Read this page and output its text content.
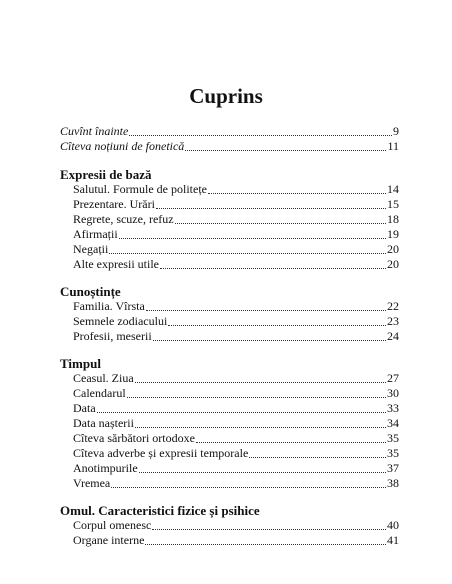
Cuprins
Cuvînt înainte	9
Cîteva noțiuni de fonetică	11
Expresii de bază
Salutul. Formule de politețe	14
Prezentare. Urări	15
Regrete, scuze, refuz	18
Afirmații	19
Negații	20
Alte expresii utile	20
Cunoștințe
Familia. Vîrsta	22
Semnele zodiacului	23
Profesii, meserii	24
Timpul
Ceasul. Ziua	27
Calendarul	30
Data	33
Data nașterii	34
Cîteva sărbători ortodoxe	35
Cîteva adverbe și expresii temporale	35
Anotimpurile	37
Vremea	38
Omul. Caracteristici fizice și psihice
Corpul omenesc	40
Organe interne	41
